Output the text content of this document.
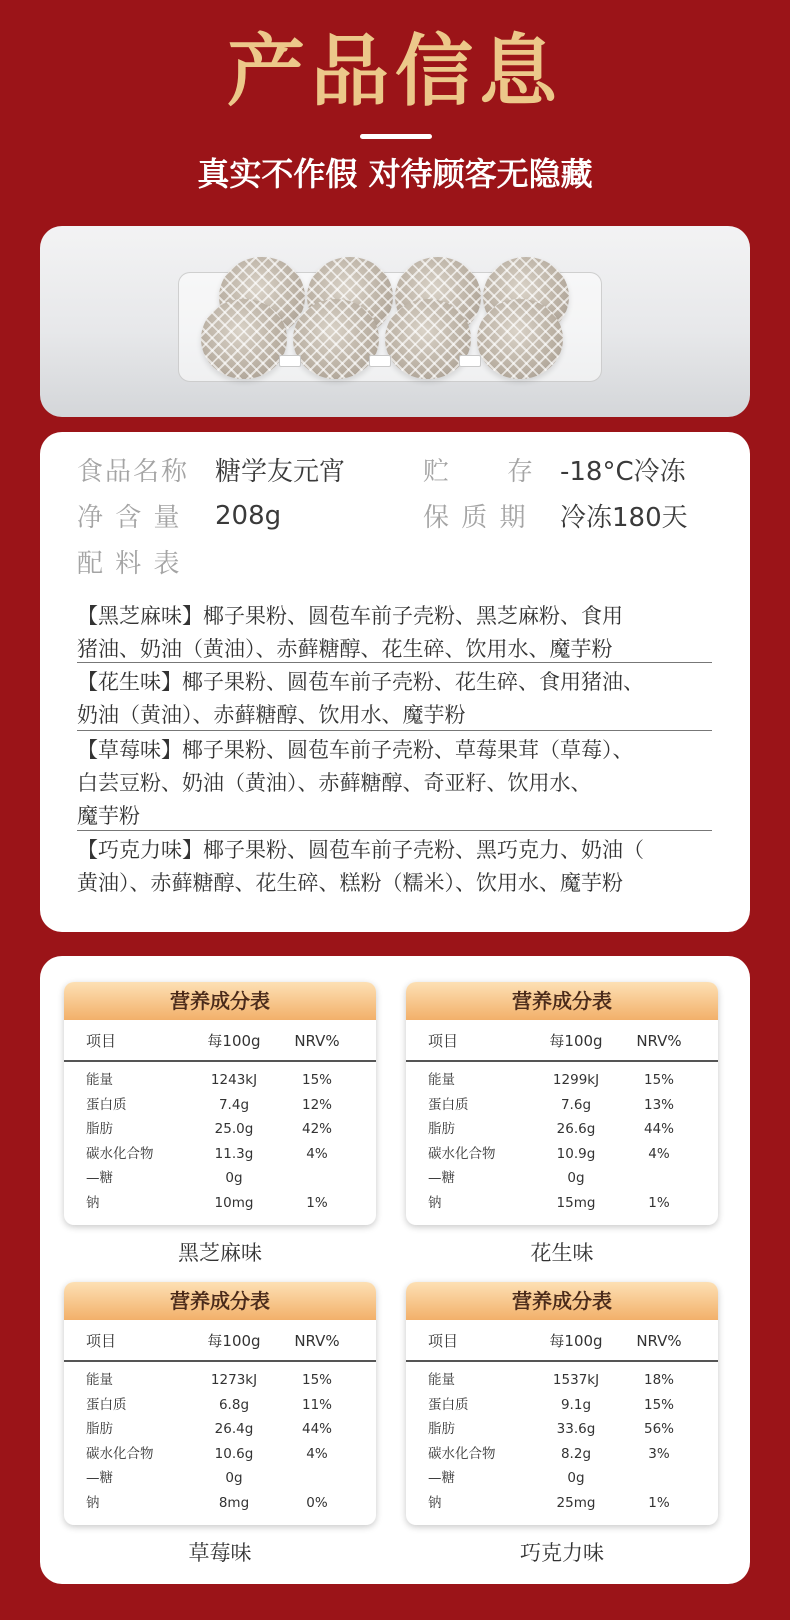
产品信息
真实不作假 对待顾客无隐藏
食品名称 糖学友元宵	贮　　存 -18°C冷冻
净 含 量 208g	保 质 期 冷冻180天
配 料 表
【黑芝麻味】椰子果粉、圆苞车前子壳粉、黑芝麻粉、食用
猪油、奶油（黄油）、赤藓糖醇、花生碎、饮用水、魔芋粉
【花生味】椰子果粉、圆苞车前子壳粉、花生碎、食用猪油、
奶油（黄油）、赤藓糖醇、饮用水、魔芋粉
【草莓味】椰子果粉、圆苞车前子壳粉、草莓果茸（草莓）、
白芸豆粉、奶油（黄油）、赤藓糖醇、奇亚籽、饮用水、
魔芋粉
【巧克力味】椰子果粉、圆苞车前子壳粉、黑巧克力、奶油（
黄油）、赤藓糖醇、花生碎、糕粉（糯米）、饮用水、魔芋粉
营养成分表
项目	每100g	NRV%
能量	1243kJ	15%
蛋白质	7.4g	12%
脂肪	25.0g	42%
碳水化合物	11.3g	4%
—糖	0g
钠	10mg	1%
黑芝麻味
营养成分表
项目	每100g	NRV%
能量	1299kJ	15%
蛋白质	7.6g	13%
脂肪	26.6g	44%
碳水化合物	10.9g	4%
—糖	0g
钠	15mg	1%
花生味
营养成分表
项目	每100g	NRV%
能量	1273kJ	15%
蛋白质	6.8g	11%
脂肪	26.4g	44%
碳水化合物	10.6g	4%
—糖	0g
钠	8mg	0%
草莓味
营养成分表
项目	每100g	NRV%
能量	1537kJ	18%
蛋白质	9.1g	15%
脂肪	33.6g	56%
碳水化合物	8.2g	3%
—糖	0g
钠	25mg	1%
巧克力味
